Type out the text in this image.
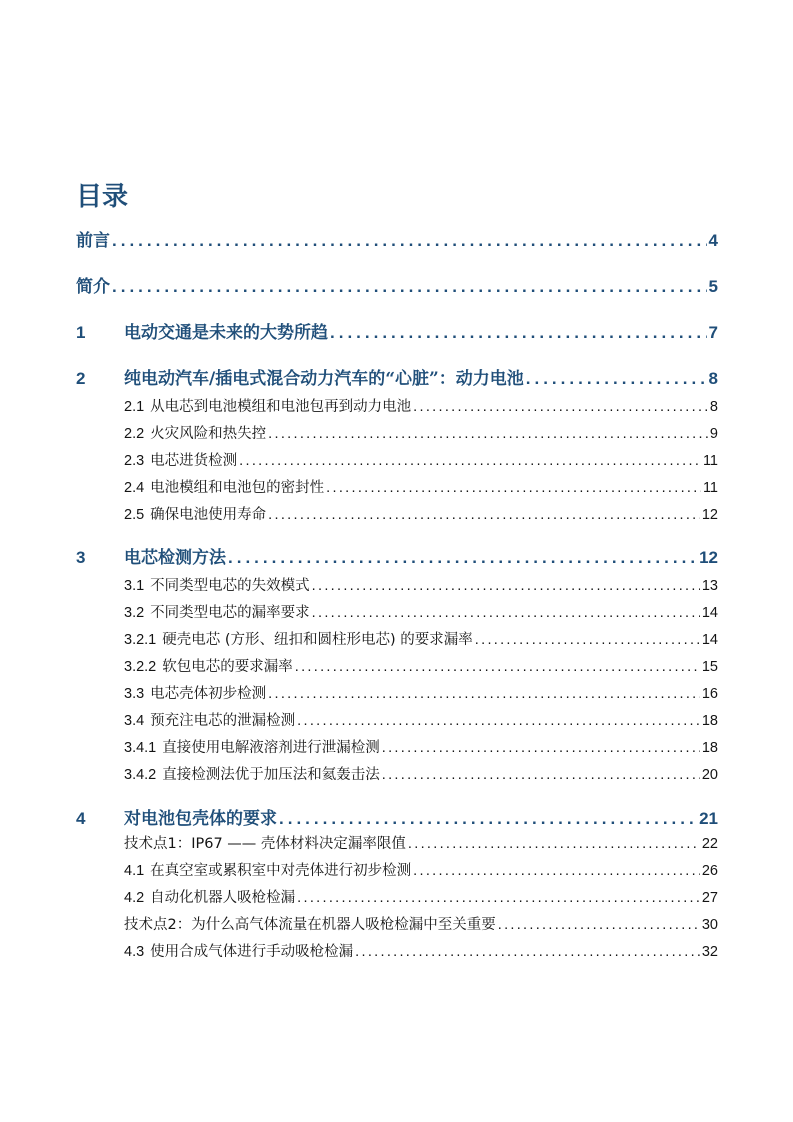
目录
前言 .....	4
简介 .....	5
1	电动交通是未来的大势所趋 .....	7
2	纯电动汽车/插电式混合动力汽车的“心脏”：动力电池 .....	8
2.1 从电芯到电池模组和电池包再到动力电池 .....	8
2.2 火灾风险和热失控 .....	9
2.3 电芯进货检测 .....	11
2.4 电池模组和电池包的密封性 .....	11
2.5 确保电池使用寿命 .....	12
3	电芯检测方法 .....	12
3.1 不同类型电芯的失效模式 .....	13
3.2 不同类型电芯的漏率要求 .....	14
3.2.1 硬壳电芯 (方形、纽扣和圆柱形电芯) 的要求漏率 .....	14
3.2.2 软包电芯的要求漏率 .....	15
3.3 电芯壳体初步检测 .....	16
3.4 预充注电芯的泄漏检测 .....	18
3.4.1 直接使用电解液溶剂进行泄漏检测 .....	18
3.4.2 直接检测法优于加压法和氦轰击法 .....	20
4	对电池包壳体的要求 .....	21
技术点1：IP67 —— 壳体材料决定漏率限值 .....	22
4.1 在真空室或累积室中对壳体进行初步检测 .....	26
4.2 自动化机器人吸枪检漏 .....	27
技术点2：为什么高气体流量在机器人吸枪检漏中至关重要 .....	30
4.3 使用合成气体进行手动吸枪检漏 .....	32
